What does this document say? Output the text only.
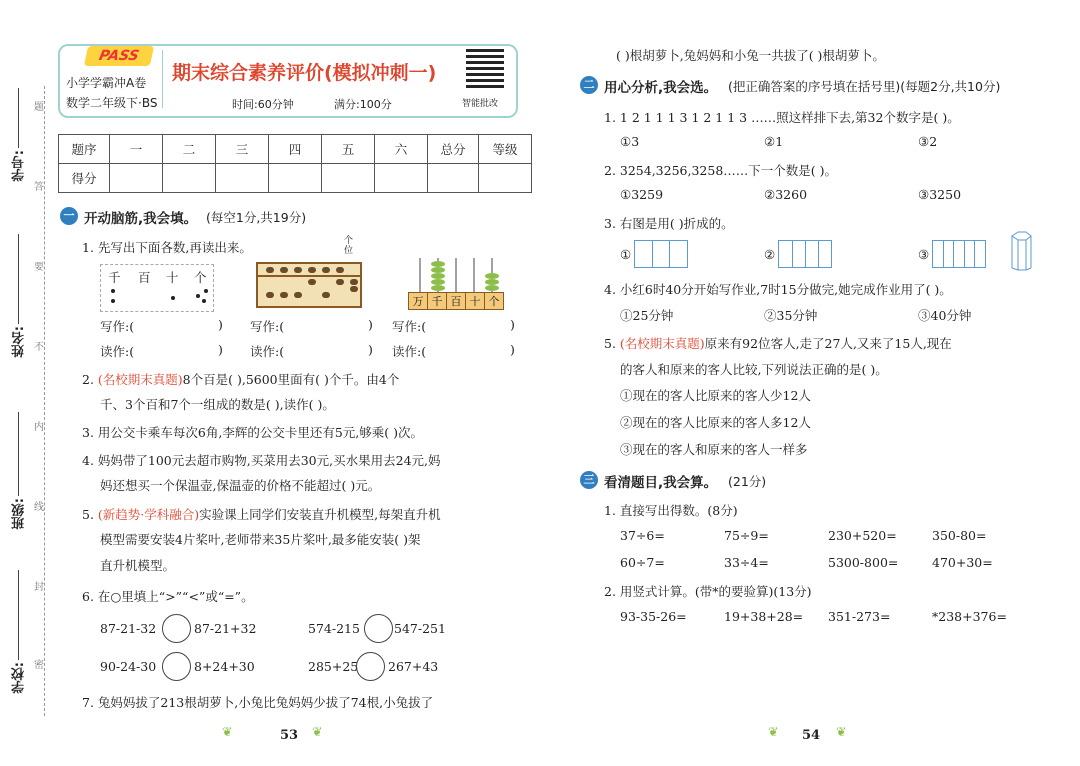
题
答
要
不
内
线
封
密
学号:
姓名:
班级:
学校:
PASS
小学学霸冲A卷
数学二年级下·BS
期末综合素养评价(模拟冲刺一)
时间:60分钟	满分:100分	智能批改
题序	一	二	三	四	五	六	总分	等级
得分								
一 开动脑筋,我会填。 (每空1分,共19分)
1. 先写出下面各数,再读出来。
千 百 十 个
个位
万 千 百 十 个
写作:(	) 写作:(	) 写作:(	)
读作:(	) 读作:(	) 读作:(	)
2. (名校期末真题)8个百是( ),5600里面有( )个千。由4个
千、3个百和7个一组成的数是( ),读作( )。
3. 用公交卡乘车每次6角,李辉的公交卡里还有5元,够乘( )次。
4. 妈妈带了100元去超市购物,买菜用去30元,买水果用去24元,妈
妈还想买一个保温壶,保温壶的价格不能超过( )元。
5. (新趋势·学科融合)实验课上同学们安装直升机模型,每架直升机
模型需要安装4片桨叶,老师带来35片桨叶,最多能安装( )架
直升机模型。
6. 在○里填上“>”“<”或“=”。
87-21-32	87-21+32	574-215	547-251
90-24-30	8+24+30	285+25 267+43
7. 兔妈妈拔了213根胡萝卜,小兔比兔妈妈少拔了74根,小兔拔了
❦	53 ❦
( )根胡萝卜,兔妈妈和小兔一共拔了( )根胡萝卜。
二 用心分析,我会选。 (把正确答案的序号填在括号里)(每题2分,共10分)
1. 1 2 1 1 1 3 1 2 1 1 3 ……照这样排下去,第32个数字是( )。
①3	②1	③2
2. 3254,3256,3258……下一个数是( )。
①3259	②3260	③3250
3. 右图是用( )折成的。
①	②	③
4. 小红6时40分开始写作业,7时15分做完,她完成作业用了( )。
①25分钟	②35分钟	③40分钟
5. (名校期末真题)原来有92位客人,走了27人,又来了15人,现在
的客人和原来的客人比较,下列说法正确的是( )。
①现在的客人比原来的客人少12人
②现在的客人比原来的客人多12人
③现在的客人和原来的客人一样多
三 看清题目,我会算。 (21分)
1. 直接写出得数。(8分)
37÷6=	75÷9=	230+520=	350-80=
60÷7=	33÷4=	5300-800=	470+30=
2. 用竖式计算。(带*的要验算)(13分)
93-35-26=	19+38+28= 351-273=	*238+376=
❦ 54 ❦
